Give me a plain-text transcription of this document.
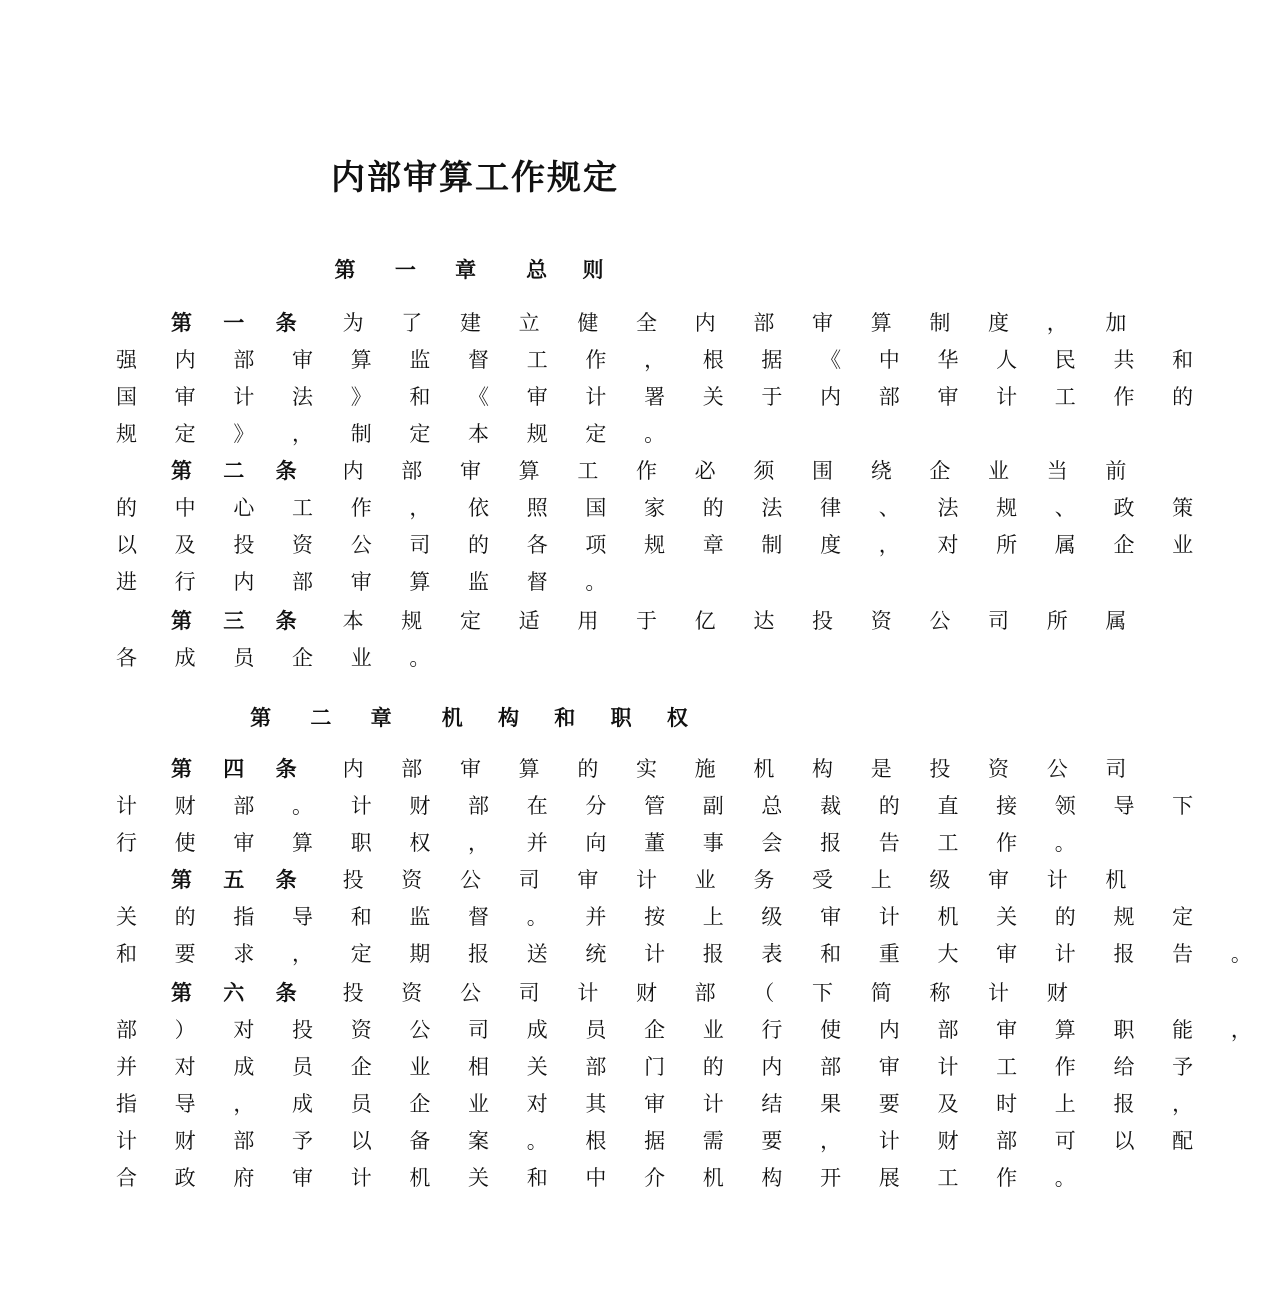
内部审算工作规定
第 一 章 总 则
第 一 条 为 了 建 立 健 全 内 部 审 算 制 度 ， 加
强 内 部 审 算 监 督 工 作 ， 根 据 《 中 华 人 民 共 和
国 审 计 法 》 和 《 审 计 署 关 于 内 部 审 计 工 作 的
规 定 》 ， 制 定 本 规 定 。
第 二 条 内 部 审 算 工 作 必 须 围 绕 企 业 当 前
的 中 心 工 作 ， 依 照 国 家 的 法 律 、 法 规 、 政 策
以 及 投 资 公 司 的 各 项 规 章 制 度 ， 对 所 属 企 业
进 行 内 部 审 算 监 督 。
第 三 条 本 规 定 适 用 于 亿 达 投 资 公 司 所 属
各 成 员 企 业 。
第 二 章 机 构 和 职 权
第 四 条 内 部 审 算 的 实 施 机 构 是 投 资 公 司
计 财 部 。 计 财 部 在 分 管 副 总 裁 的 直 接 领 导 下
行 使 审 算 职 权 ， 并 向 董 事 会 报 告 工 作 。
第 五 条 投 资 公 司 审 计 业 务 受 上 级 审 计 机
关 的 指 导 和 监 督 。 并 按 上 级 审 计 机 关 的 规 定
和 要 求 ， 定 期 报 送 统 计 报 表 和 重 大 审 计 报 告 。
第 六 条 投 资 公 司 计 财 部 （ 下 简 称 计 财
部 ） 对 投 资 公 司 成 员 企 业 行 使 内 部 审 算 职 能 ，
并 对 成 员 企 业 相 关 部 门 的 内 部 审 计 工 作 给 予
指 导 ， 成 员 企 业 对 其 审 计 结 果 要 及 时 上 报 ，
计 财 部 予 以 备 案 。 根 据 需 要 ， 计 财 部 可 以 配
合 政 府 审 计 机 关 和 中 介 机 构 开 展 工 作 。
